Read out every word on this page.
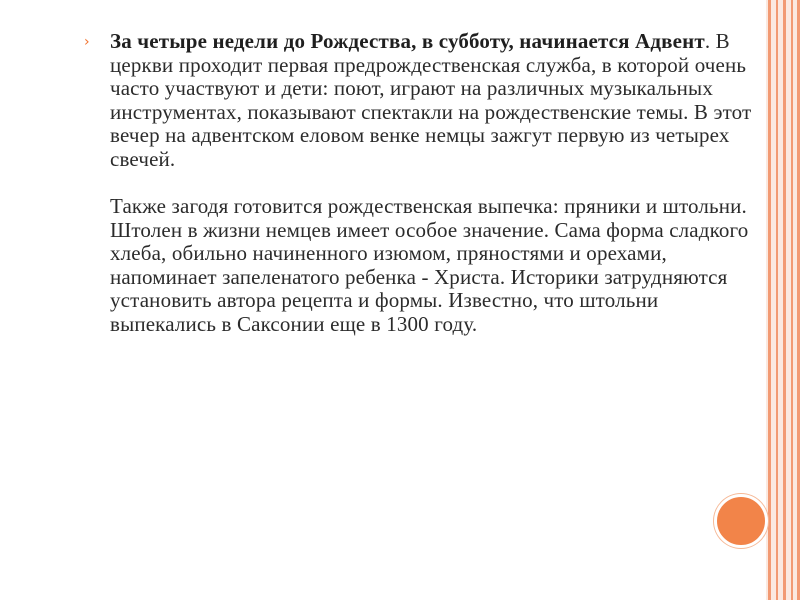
› За четыре недели до Рождества, в субботу, начинается Адвент. В церкви проходит первая предрождественская служба, в которой очень часто участвуют и дети: поют, играют на различных музыкальных инструментах, показывают спектакли на рождественские темы. В этот вечер на адвентском еловом венке немцы зажгут первую из четырех свечей.

Также загодя готовится рождественская выпечка: пряники и штольни. Штолен в жизни немцев имеет особое значение. Сама форма сладкого хлеба, обильно начиненного изюмом, пряностями и орехами, напоминает запеленатого ребенка - Христа. Историки затрудняются установить автора рецепта и формы. Известно, что штольни выпекались в Саксонии еще в 1300 году.
